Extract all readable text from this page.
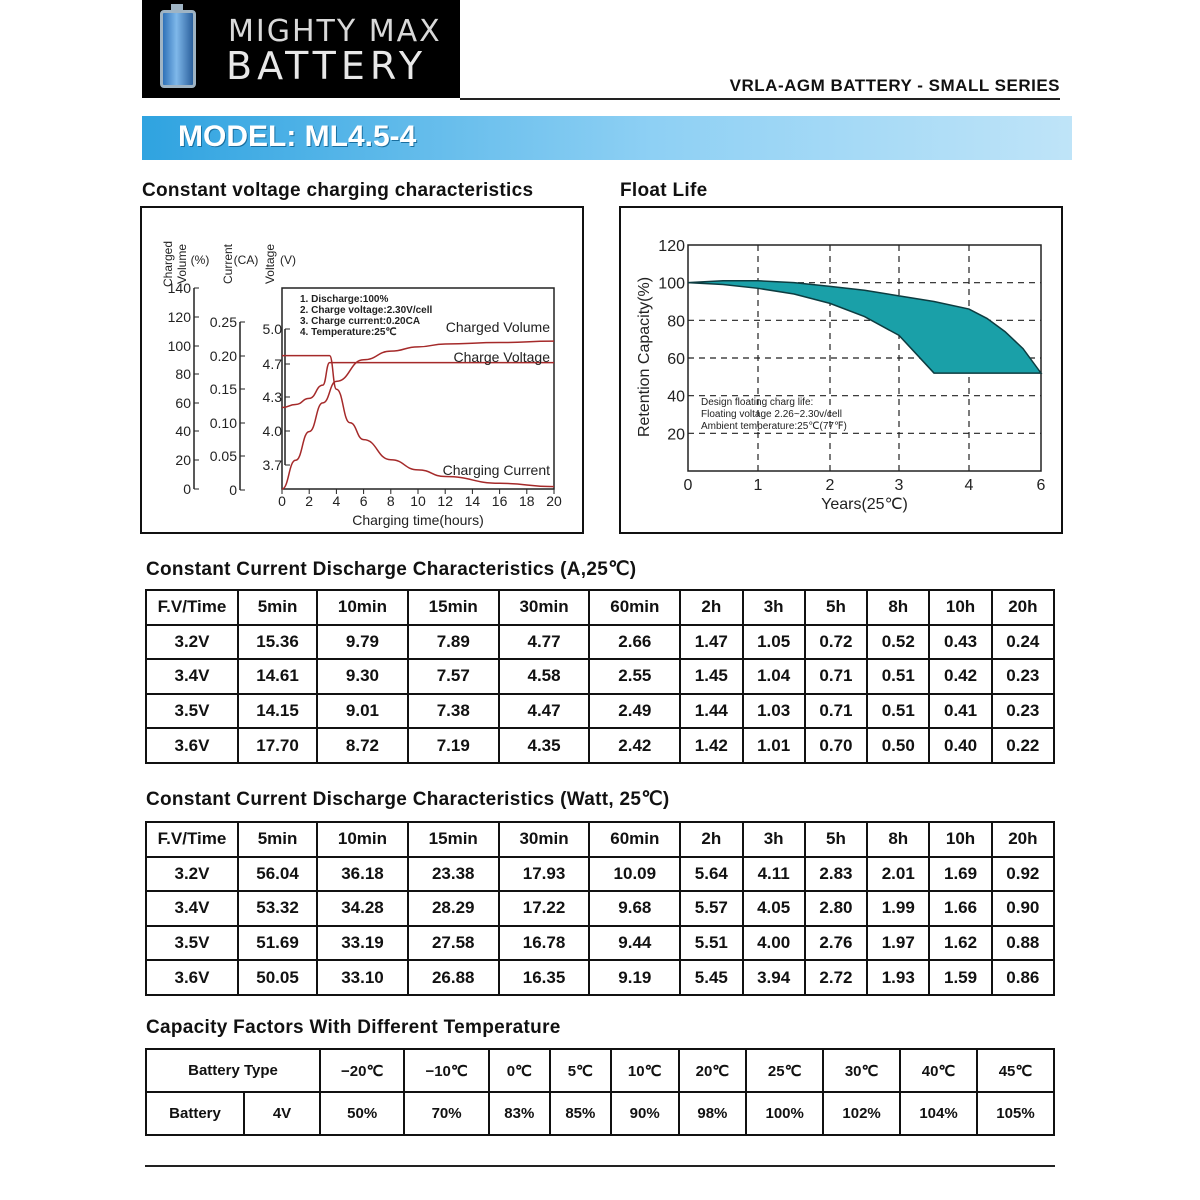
MIGHTY MAX
BATTERY	VRLA-AGM BATTERY - SMALL SERIES
MODEL: ML4.5-4
Constant voltage charging characteristics	Float Life
140
120
100
80
60
40
20
0
Charged Volume (%)
0.25
0.20
0.15
0.10
0.05
0
Current
(CA)
5.0
4.7
4.3
4.0
3.7
Voltage (V)
0 2 4 6 8 10 12 14 16 18 20
Charging time(hours)
1. Discharge:100%
2. Charge voltage:2.30V/cell
3. Charge current:0.20CA
4. Temperature:25℃	Charged Volume
Charge Voltage
Charging Current
120
100
80
60
40
20
0	1	2	3	4	6
Years(25℃)
Retention Capacity(%)	Design floating charg life:
Floating voltage 2.26~2.30v/cell
Ambient temperature:25℃(77℉)
Constant Current Discharge Characteristics (A,25℃)
F.V/Time	5min	10min	15min	30min	60min	2h	3h	5h	8h	10h	20h
3.2V	15.36	9.79	7.89	4.77	2.66	1.47	1.05	0.72	0.52	0.43	0.24
3.4V	14.61	9.30	7.57	4.58	2.55	1.45	1.04	0.71	0.51	0.42	0.23
3.5V	14.15	9.01	7.38	4.47	2.49	1.44	1.03	0.71	0.51	0.41	0.23
3.6V	17.70	8.72	7.19	4.35	2.42	1.42	1.01	0.70	0.50	0.40	0.22
Constant Current Discharge Characteristics (Watt, 25℃)
F.V/Time	5min	10min	15min	30min	60min	2h	3h	5h	8h	10h	20h
3.2V	56.04	36.18	23.38	17.93	10.09	5.64	4.11	2.83	2.01	1.69	0.92
3.4V	53.32	34.28	28.29	17.22	9.68	5.57	4.05	2.80	1.99	1.66	0.90
3.5V	51.69	33.19	27.58	16.78	9.44	5.51	4.00	2.76	1.97	1.62	0.88
3.6V	50.05	33.10	26.88	16.35	9.19	5.45	3.94	2.72	1.93	1.59	0.86
Capacity Factors With Different Temperature
Battery Type		−20℃	−10℃	0℃	5℃	10℃	20℃	25℃	30℃	40℃	45℃
Battery	4V	50%	70%	83%	85%	90%	98%	100%	102%	104%	105%
